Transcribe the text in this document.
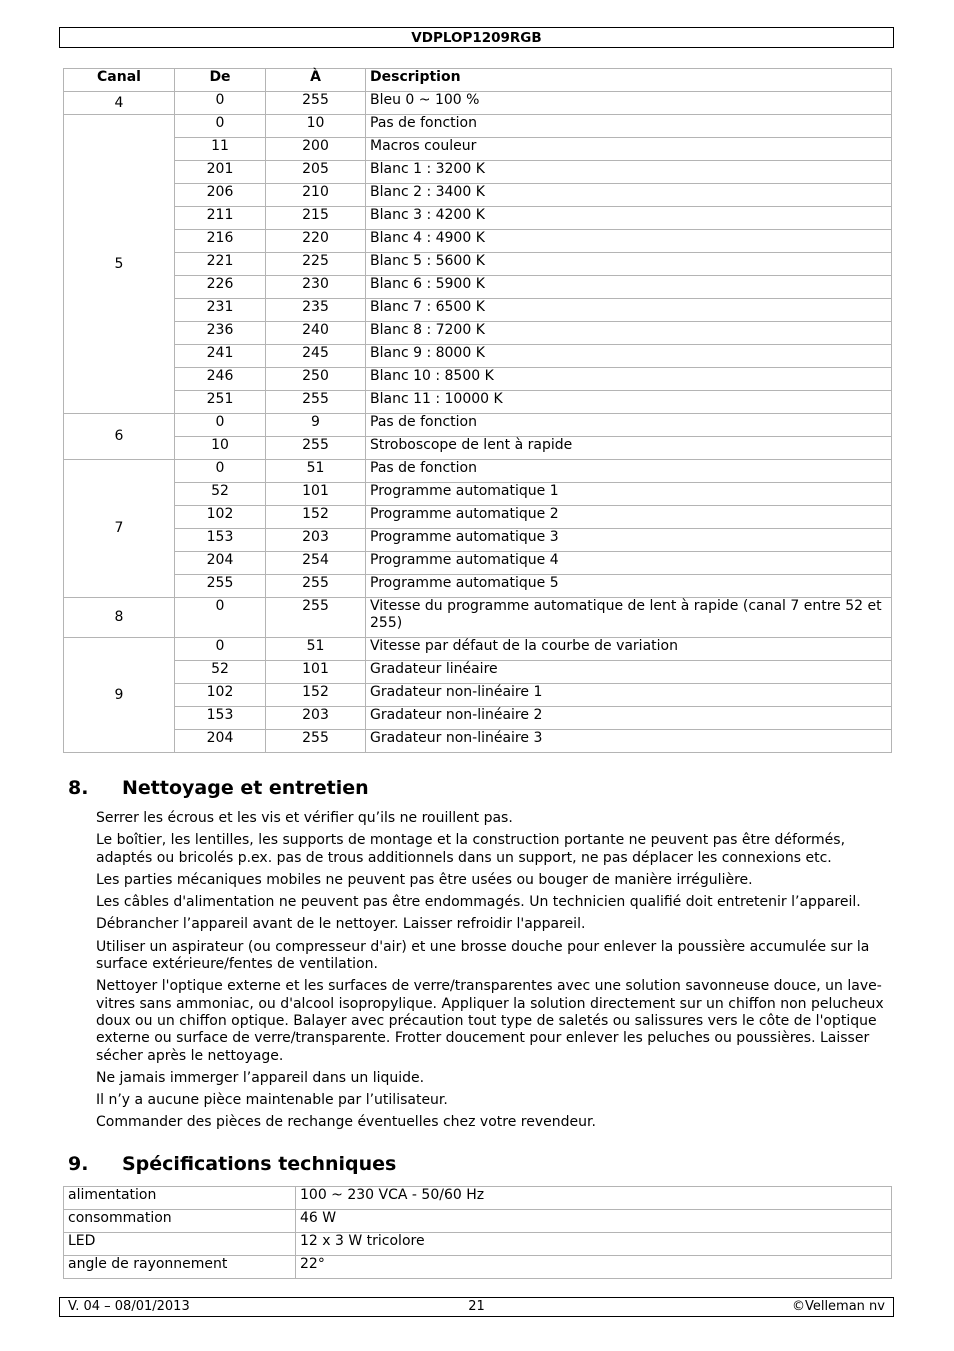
VDPLOP1209RGB
Canal	De	À	Description
4	0	255	Bleu 0 ~ 100 %
5	0	10	Pas de fonction
	11	200	Macros couleur
	201	205	Blanc 1 : 3200 K
	206	210	Blanc 2 : 3400 K
	211	215	Blanc 3 : 4200 K
	216	220	Blanc 4 : 4900 K
	221	225	Blanc 5 : 5600 K
	226	230	Blanc 6 : 5900 K
	231	235	Blanc 7 : 6500 K
	236	240	Blanc 8 : 7200 K
	241	245	Blanc 9 : 8000 K
	246	250	Blanc 10 : 8500 K
	251	255	Blanc 11 : 10000 K
6	0	9	Pas de fonction
	10	255	Stroboscope de lent à rapide
7	0	51	Pas de fonction
	52	101	Programme automatique 1
	102	152	Programme automatique 2
	153	203	Programme automatique 3
	204	254	Programme automatique 4
	255	255	Programme automatique 5
8	0	255	Vitesse du programme automatique de lent à rapide (canal 7 entre 52 et 255)
9	0	51	Vitesse par défaut de la courbe de variation
	52	101	Gradateur linéaire
	102	152	Gradateur non-linéaire 1
	153	203	Gradateur non-linéaire 2
	204	255	Gradateur non-linéaire 3
8. Nettoyage et entretien

Serrer les écrous et les vis et vérifier qu’ils ne rouillent pas.

Le boîtier, les lentilles, les supports de montage et la construction portante ne peuvent pas être déformés, adaptés ou bricolés p.ex. pas de trous additionnels dans un support, ne pas déplacer les connexions etc.

Les parties mécaniques mobiles ne peuvent pas être usées ou bouger de manière irrégulière.

Les câbles d'alimentation ne peuvent pas être endommagés. Un technicien qualifié doit entretenir l’appareil.

Débrancher l’appareil avant de le nettoyer. Laisser refroidir l'appareil.

Utiliser un aspirateur (ou compresseur d'air) et une brosse douche pour enlever la poussière accumulée sur la surface extérieure/fentes de ventilation.

Nettoyer l'optique externe et les surfaces de verre/transparentes avec une solution savonneuse douce, un lave-vitres sans ammoniac, ou d'alcool isopropylique. Appliquer la solution directement sur un chiffon non pelucheux doux ou un chiffon optique. Balayer avec précaution tout type de saletés ou salissures vers le côte de l'optique externe ou surface de verre/transparente. Frotter doucement pour enlever les peluches ou poussières. Laisser sécher après le nettoyage.

Ne jamais immerger l’appareil dans un liquide.

Il n’y a aucune pièce maintenable par l’utilisateur.

Commander des pièces de rechange éventuelles chez votre revendeur.

9. Spécifications techniques
alimentation	100 ~ 230 VCA - 50/60 Hz
consommation	46 W
LED	12 x 3 W tricolore
angle de rayonnement	22°
V. 04 – 08/01/2013	21	©Velleman nv
